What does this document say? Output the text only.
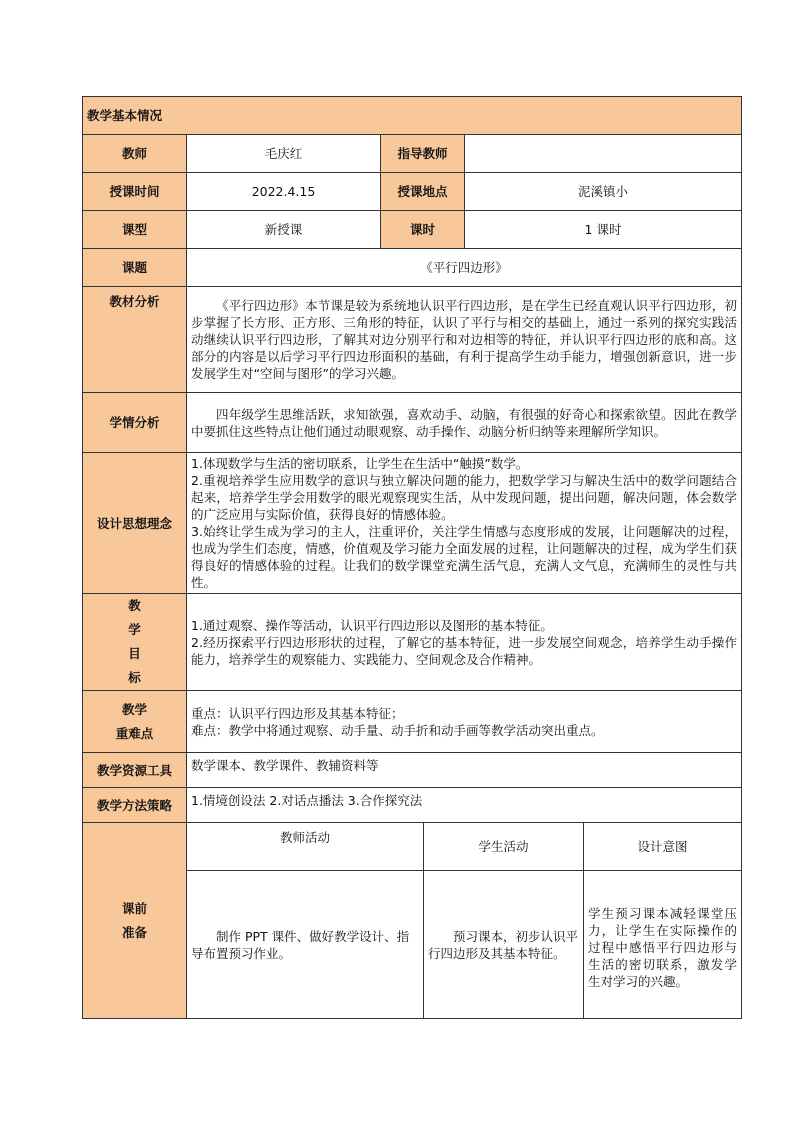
教学基本情况					
教师	毛庆红	指导教师			
授课时间	2022.4.15	授课地点		泥溪镇小	
课型	新授课	课时		1 课时	
课题	《平行四边形》				
教材分析	《平行四边形》本节课是较为系统地认识平行四边形，是在学生已经直观认识平行四边形，初步掌握了长方形、正方形、三角形的特征，认识了平行与相交的基础上，通过一系列的探究实践活动继续认识平行四边形，了解其对边分别平行和对边相等的特征，并认识平行四边形的底和高。这部分的内容是以后学习平行四边形面积的基础，有利于提高学生动手能力，增强创新意识，进一步发展学生对“空间与图形”的学习兴趣。				

学情分析	四年级学生思维活跃，求知欲强，喜欢动手、动脑，有很强的好奇心和探索欲望。因此在教学中要抓住这些特点让他们通过动眼观察、动手操作、动脑分析归纳等来理解所学知识。				

设计思想理念	1.体现数学与生活的密切联系，让学生在生活中“触摸”数学。
2.重视培养学生应用数学的意识与独立解决问题的能力，把数学学习与解决生活中的数学问题结合起来，培养学生学会用数学的眼光观察现实生活，从中发现问题，提出问题，解决问题，体会数学的广泛应用与实际价值，获得良好的情感体验。
3.始终让学生成为学习的主人，注重评价，关注学生情感与态度形成的发展，让问题解决的过程，也成为学生们态度，情感，价值观及学习能力全面发展的过程，让问题解决的过程，成为学生们获得良好的情感体验的过程。让我们的数学课堂充满生活气息，充满人文气息，充满师生的灵性与共性。				

教
学
目
标	1.通过观察、操作等活动，认识平行四边形以及图形的基本特征。
2.经历探索平行四边形形状的过程，了解它的基本特征，进一步发展空间观念，培养学生动手操作能力，培养学生的观察能力、实践能力、空间观念及合作精神。				

教学
重难点	重点：认识平行四边形及其基本特征；
难点：教学中将通过观察、动手量、动手折和动手画等教学活动突出重点。				

教学资源工具	数学课本、教学课件、教辅资料等				
教学方法策略	1.情境创设法 2.对话点播法 3.合作探究法				

课前
准备	教师活动		学生活动		设计意图

	制作 PPT 课件、做好教学设计、指导布置预习作业。		预习课本，初步认识平行四边形及其基本特征。		学生预习课本减轻课堂压力，让学生在实际操作的过程中感悟平行四边形与生活的密切联系，激发学生对学习的兴趣。
